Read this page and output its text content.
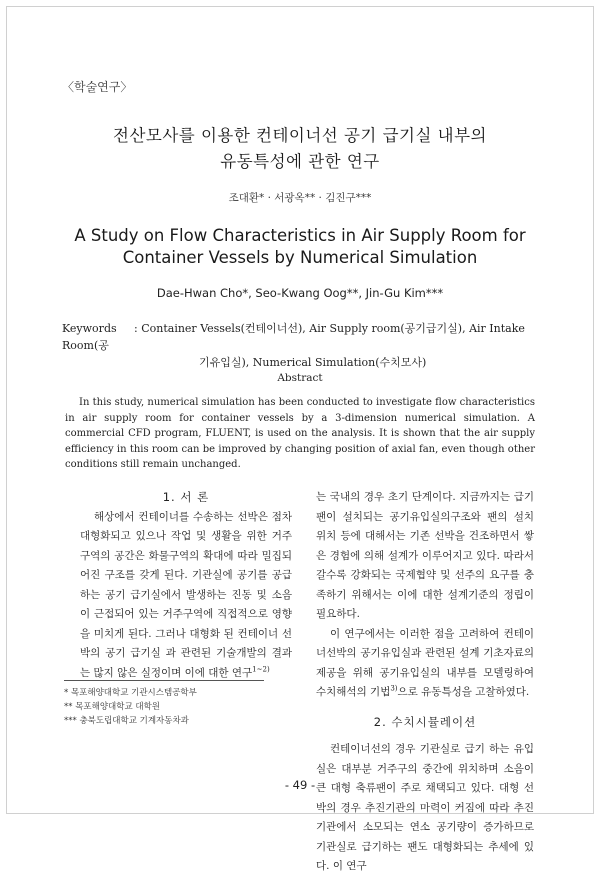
〈학술연구〉
전산모사를 이용한 컨테이너선 공기 급기실 내부의
유동특성에 관한 연구
조대환* · 서광옥** · 김진구***
A Study on Flow Characteristics in Air Supply Room for
Container Vessels by Numerical Simulation
Dae-Hwan Cho*, Seo-Kwang Oog**, Jin-Gu Kim***
Keywords : Container Vessels(컨테이너선), Air Supply room(공기급기실), Air Intake Room(공
기유입실), Numerical Simulation(수치모사)
Abstract

In this study, numerical simulation has been conducted to investigate flow characteristics in air supply room for container vessels by a 3-dimension numerical simulation. A commercial CFD program, FLUENT, is used on the analysis. It is shown that the air supply efficiency in this room can be improved by changing position of axial fan, even though other conditions still remain unchanged.

1. 서 론

해상에서 컨테이너를 수송하는 선박은 점차 대형화되고 있으나 작업 및 생활을 위한 거주구역의 공간은 화물구역의 확대에 따라 밀집되어진 구조를 갖게 된다. 기관실에 공기를 공급하는 공기 급기실에서 발생하는 진동 및 소음이 근접되어 있는 거주구역에 직접적으로 영향을 미치게 된다. 그러나 대형화 된 컨테이너 선박의 공기 급기실 과 관련된 기술개발의 결과는 많지 않은 실정이며 이에 대한 연구$^{1\sim 2)}$

는 국내의 경우 초기 단계이다. 지금까지는 급기팬이 설치되는 공기유입실의구조와 팬의 설치 위치 등에 대해서는 기존 선박을 건조하면서 쌓은 경험에 의해 설계가 이루어지고 있다. 따라서 갈수록 강화되는 국제협약 및 선주의 요구를 충족하기 위해서는 이에 대한 설계기준의 정립이 필요하다.

이 연구에서는 이러한 점을 고려하여 컨테이너선박의 공기유입실과 관련된 설계 기초자료의 제공을 위해 공기유입실의 내부를 모델링하여 수치해석의 기법$^{3)}$으로 유동특성을 고찰하였다.

2. 수치시뮬레이션

컨테이너선의 경우 기관실로 급기 하는 유입실은 대부분 거주구의 중간에 위치하며 소음이 큰 대형 축류팬이 주로 채택되고 있다. 대형 선박의 경우 추진기관의 마력이 커짐에 따라 추진기관에서 소모되는 연소 공기량이 증가하므로 기관실로 급기하는 팬도 대형화되는 추세에 있다. 이 연구

* 목포해양대학교 기관시스템공학부
** 목포해양대학교 대학원
*** 충북도립대학교 기계자동차과
- 49 -
